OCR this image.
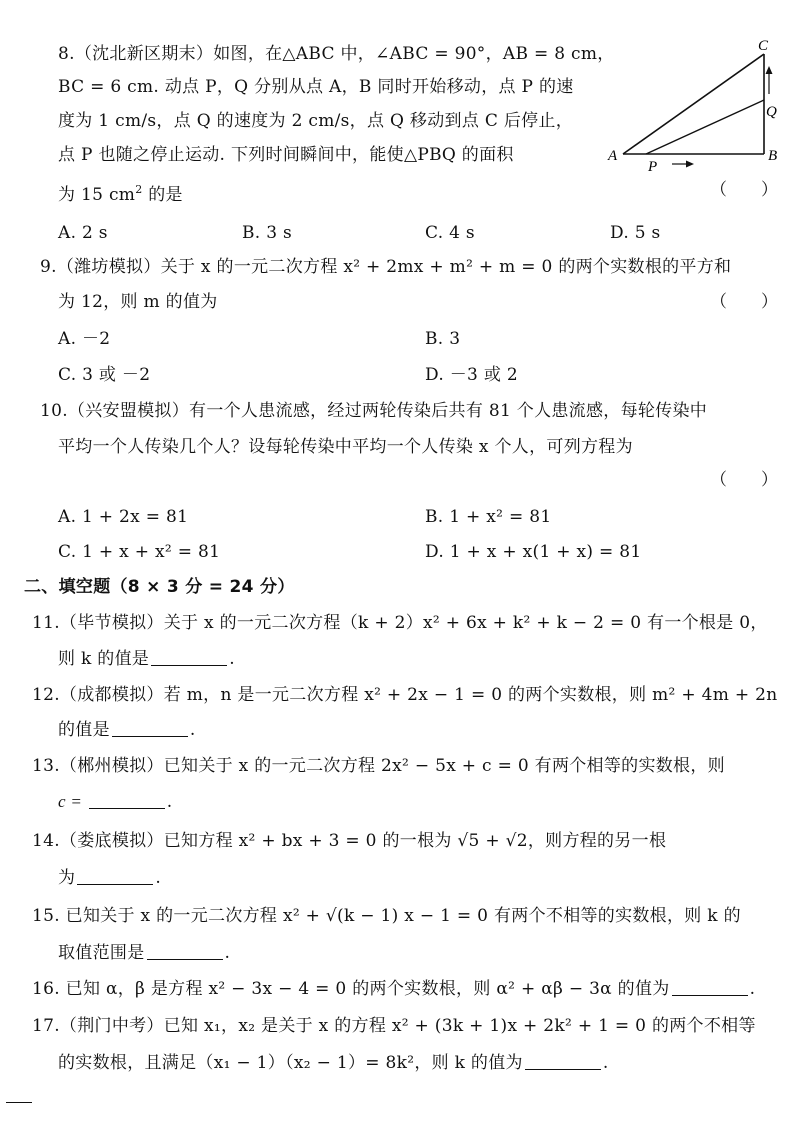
8.（沈北新区期末）如图，在△ABC 中，∠ABC = 90°，AB = 8 cm，
BC = 6 cm. 动点 P，Q 分别从点 A，B 同时开始移动，点 P 的速
度为 1 cm/s，点 Q 的速度为 2 cm/s，点 Q 移动到点 C 后停止，
点 P 也随之停止运动. 下列时间瞬间中，能使△PBQ 的面积
为 15 $cm^2$ 的是	（　　）
C
Q
A	B
P
A. 2 s	B. 3 s	C. 4 s	D. 5 s
9.（潍坊模拟）关于 x 的一元二次方程 x² + 2mx + m² + m = 0 的两个实数根的平方和
为 12，则 m 的值为	（　　）
A. －2	B. 3
C. 3 或 －2	D. －3 或 2
10.（兴安盟模拟）有一个人患流感，经过两轮传染后共有 81 个人患流感，每轮传染中
平均一个人传染几个人？设每轮传染中平均一个人传染 x 个人，可列方程为
（　　）
A. 1 + 2x = 81	B. 1 + x² = 81
C. 1 + x + x² = 81	D. 1 + x + x(1 + x) = 81
二、填空题（8 × 3 分 = 24 分）
11.（毕节模拟）关于 x 的一元二次方程（k + 2）x² + 6x + k² + k − 2 = 0 有一个根是 0，
则 k 的值是	.
12.（成都模拟）若 m，n 是一元二次方程 x² + 2x − 1 = 0 的两个实数根，则 m² + 4m + 2n
的值是	.
13.（郴州模拟）已知关于 x 的一元二次方程 2x² − 5x + c = 0 有两个相等的实数根，则
c =	.
14.（娄底模拟）已知方程 x² + bx + 3 = 0 的一根为 √5 + √2，则方程的另一根
为	.
15. 已知关于 x 的一元二次方程 x² + √(k − 1) x − 1 = 0 有两个不相等的实数根，则 k 的
取值范围是	.
16. 已知 α，β 是方程 x² − 3x − 4 = 0 的两个实数根，则 α² + αβ − 3α 的值为	.
17.（荆门中考）已知 x₁，x₂ 是关于 x 的方程 x² + (3k + 1)x + 2k² + 1 = 0 的两个不相等
的实数根，且满足（x₁ − 1）（x₂ − 1）= 8k²，则 k 的值为	.
